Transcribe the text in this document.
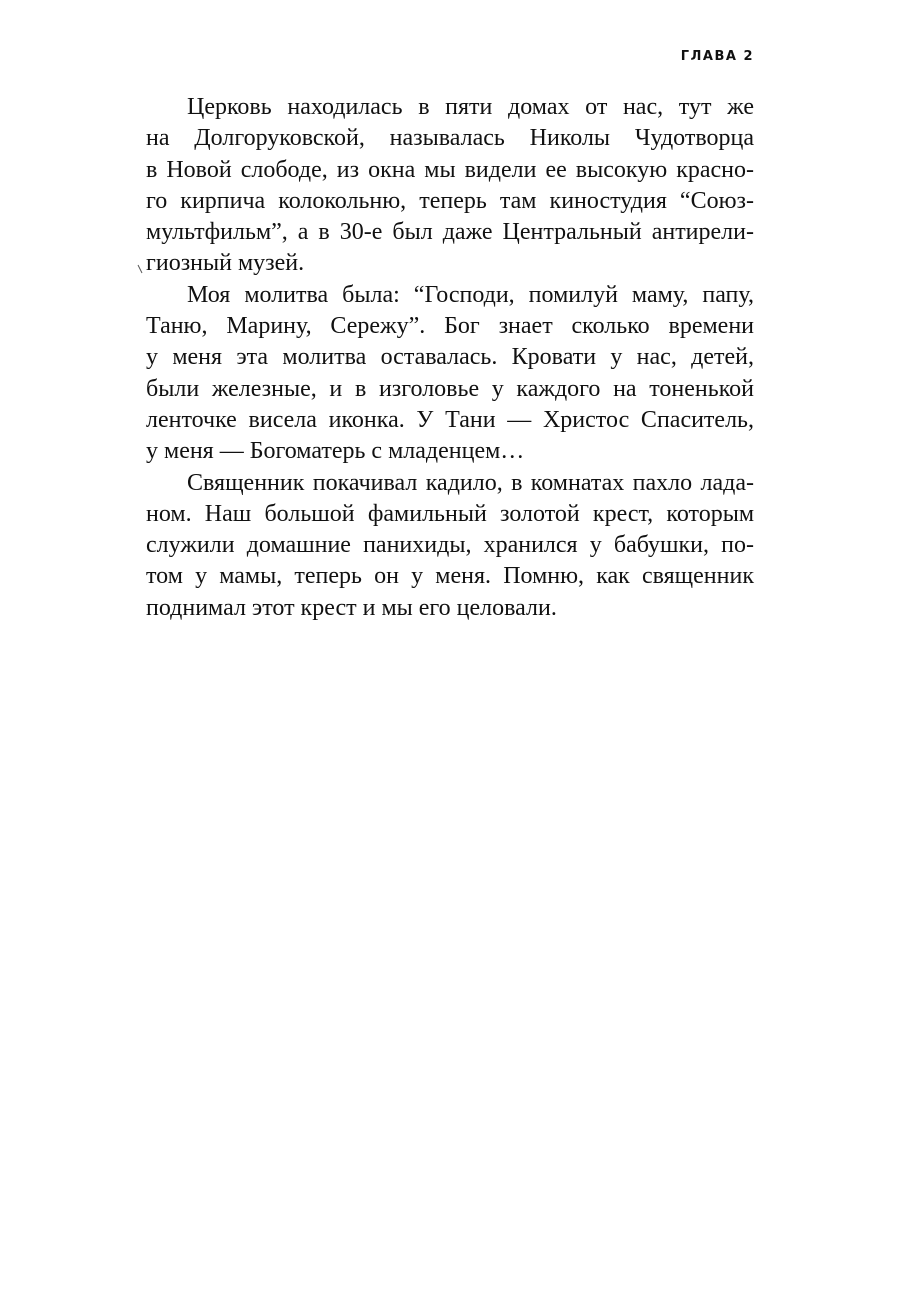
ГЛАВА 2
Церковь находилась в пяти домах от нас, тут же
на Долгоруковской, называлась Николы Чудотворца
в Новой слободе, из окна мы видели ее высокую красно-
го кирпича колокольню, теперь там киностудия “Союз-
мультфильм”, а в 30-е был даже Центральный антирели-
гиозный музей.
Моя молитва была: “Господи, помилуй маму, папу,
Таню, Марину, Сережу”. Бог знает сколько времени
у меня эта молитва оставалась. Кровати у нас, детей,
были железные, и в изголовье у каждого на тоненькой
ленточке висела иконка. У Тани — Христос Спаситель,
у меня — Богоматерь с младенцем…
Священник покачивал кадило, в комнатах пахло лада-
ном. Наш большой фамильный золотой крест, которым
служили домашние панихиды, хранился у бабушки, по-
том у мамы, теперь он у меня. Помню, как священник
поднимал этот крест и мы его целовали.
